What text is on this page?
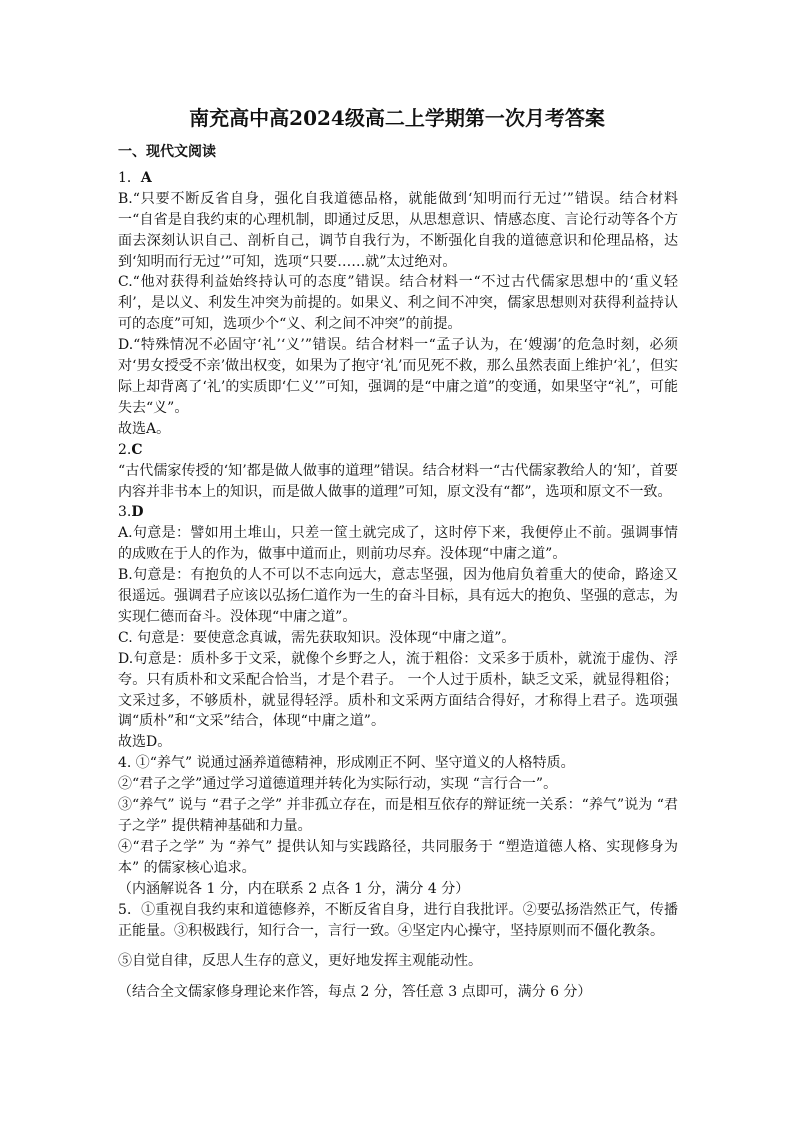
南充高中高2024级高二上学期第一次月考答案
一、现代文阅读
1．A

B.“只要不断反省自身，强化自我道德品格，就能做到‘知明而行无过’”错误。结合材料一“自省是自我约束的心理机制，即通过反思，从思想意识、情感态度、言论行动等各个方面去深刻认识自己、剖析自己，调节自我行为，不断强化自我的道德意识和伦理品格，达到‘知明而行无过’”可知，选项“只要……就”太过绝对。

C.“他对获得利益始终持认可的态度”错误。结合材料一“不过古代儒家思想中的‘重义轻利’，是以义、利发生冲突为前提的。如果义、利之间不冲突，儒家思想则对获得利益持认可的态度”可知，选项少个“义、利之间不冲突”的前提。

D.“特殊情况不必固守‘礼’‘义’”错误。结合材料一“孟子认为，在‘嫂溺’的危急时刻，必须对‘男女授受不亲’做出权变，如果为了抱守‘礼’而见死不救，那么虽然表面上维护‘礼’，但实际上却背离了‘礼’的实质即‘仁义’”可知，强调的是“中庸之道”的变通，如果坚守“礼”，可能失去“义”。

故选A。

2.C

“古代儒家传授的‘知’都是做人做事的道理”错误。结合材料一“古代儒家教给人的‘知’，首要内容并非书本上的知识，而是做人做事的道理”可知，原文没有“都”，选项和原文不一致。

3.D

A.句意是：譬如用土堆山，只差一筐土就完成了，这时停下来，我便停止不前。强调事情的成败在于人的作为，做事中道而止，则前功尽弃。没体现“中庸之道”。

B.句意是：有抱负的人不可以不志向远大，意志坚强，因为他肩负着重大的使命，路途又很遥远。强调君子应该以弘扬仁道作为一生的奋斗目标，具有远大的抱负、坚强的意志，为实现仁德而奋斗。没体现“中庸之道”。

C. 句意是：要使意念真诚，需先获取知识。没体现“中庸之道”。

D.句意是：质朴多于文采，就像个乡野之人，流于粗俗：文采多于质朴，就流于虚伪、浮夸。只有质朴和文采配合恰当，才是个君子。 一个人过于质朴，缺乏文采，就显得粗俗；文采过多，不够质朴，就显得轻浮。质朴和文采两方面结合得好，才称得上君子。选项强调“质朴”和“文采”结合，体现“中庸之道”。

故选D。

4. ①“养气” 说通过涵养道德精神，形成刚正不阿、坚守道义的人格特质。

②“君子之学”通过学习道德道理并转化为实际行动，实现 “言行合一”。

③“养气” 说与 “君子之学” 并非孤立存在，而是相互依存的辩证统一关系：“养气”说为 “君子之学” 提供精神基础和力量。

④“君子之学” 为 “养气” 提供认知与实践路径，共同服务于 “塑造道德人格、实现修身为本” 的儒家核心追求。

（内涵解说各 1 分，内在联系 2 点各 1 分，满分 4 分）

5．①重视自我约束和道德修养，不断反省自身，进行自我批评。②要弘扬浩然正气，传播正能量。③积极践行，知行合一，言行一致。④坚定内心操守，坚持原则而不僵化教条。

⑤自觉自律，反思人生存的意义，更好地发挥主观能动性。

（结合全文儒家修身理论来作答，每点 2 分，答任意 3 点即可，满分 6 分）
